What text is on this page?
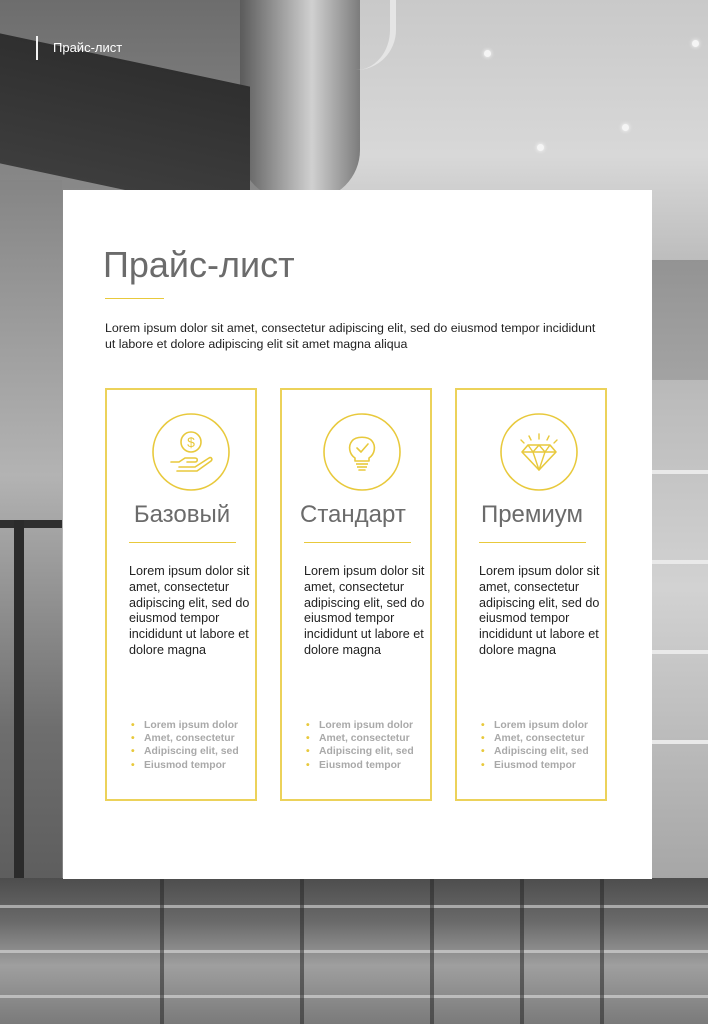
Прайс-лист
Прайс-лист

Lorem ipsum dolor sit amet, consectetur adipiscing elit, sed do eiusmod tempor incididunt ut labore et dolore adipiscing elit sit amet magna aliqua

$
Базовый

Lorem ipsum dolor sit amet, consectetur adipiscing elit, sed do eiusmod tempor incididunt ut labore et dolore magna

• Lorem ipsum dolor
• Amet, consectetur
• Adipiscing elit, sed
• Eiusmod tempor
Стандарт

Lorem ipsum dolor sit amet, consectetur adipiscing elit, sed do eiusmod tempor incididunt ut labore et dolore magna

• Lorem ipsum dolor
• Amet, consectetur
• Adipiscing elit, sed
• Eiusmod tempor
Премиум

Lorem ipsum dolor sit amet, consectetur adipiscing elit, sed do eiusmod tempor incididunt ut labore et dolore magna

• Lorem ipsum dolor
• Amet, consectetur
• Adipiscing elit, sed
• Eiusmod tempor
